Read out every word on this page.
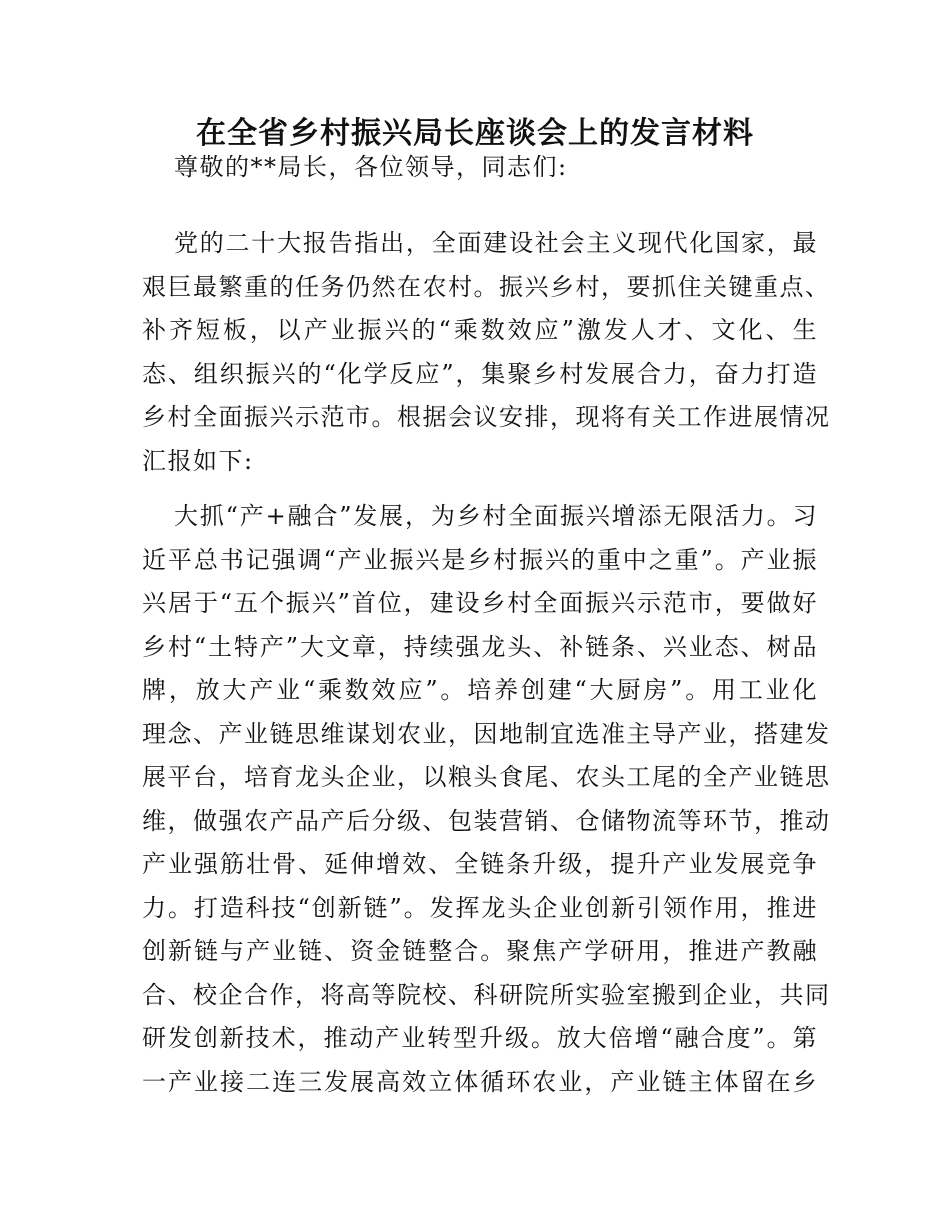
在全省乡村振兴局长座谈会上的发言材料
尊敬的**局长，各位领导，同志们:
党的二十大报告指出，全面建设社会主义现代化国家，最
艰巨最繁重的任务仍然在农村。振兴乡村，要抓住关键重点、
补齐短板，以产业振兴的“乘数效应”激发人才、文化、生
态、组织振兴的“化学反应”，集聚乡村发展合力，奋力打造
乡村全面振兴示范市。根据会议安排，现将有关工作进展情况
汇报如下:
大抓“产+融合”发展，为乡村全面振兴增添无限活力。习
近平总书记强调“产业振兴是乡村振兴的重中之重”。产业振
兴居于“五个振兴”首位，建设乡村全面振兴示范市，要做好
乡村“土特产”大文章，持续强龙头、补链条、兴业态、树品
牌，放大产业“乘数效应”。培养创建“大厨房”。用工业化
理念、产业链思维谋划农业，因地制宜选准主导产业，搭建发
展平台，培育龙头企业，以粮头食尾、农头工尾的全产业链思
维，做强农产品产后分级、包装营销、仓储物流等环节，推动
产业强筋壮骨、延伸增效、全链条升级，提升产业发展竞争
力。打造科技“创新链”。发挥龙头企业创新引领作用，推进
创新链与产业链、资金链整合。聚焦产学研用，推进产教融
合、校企合作，将高等院校、科研院所实验室搬到企业，共同
研发创新技术，推动产业转型升级。放大倍增“融合度”。第
一产业接二连三发展高效立体循环农业，产业链主体留在乡
